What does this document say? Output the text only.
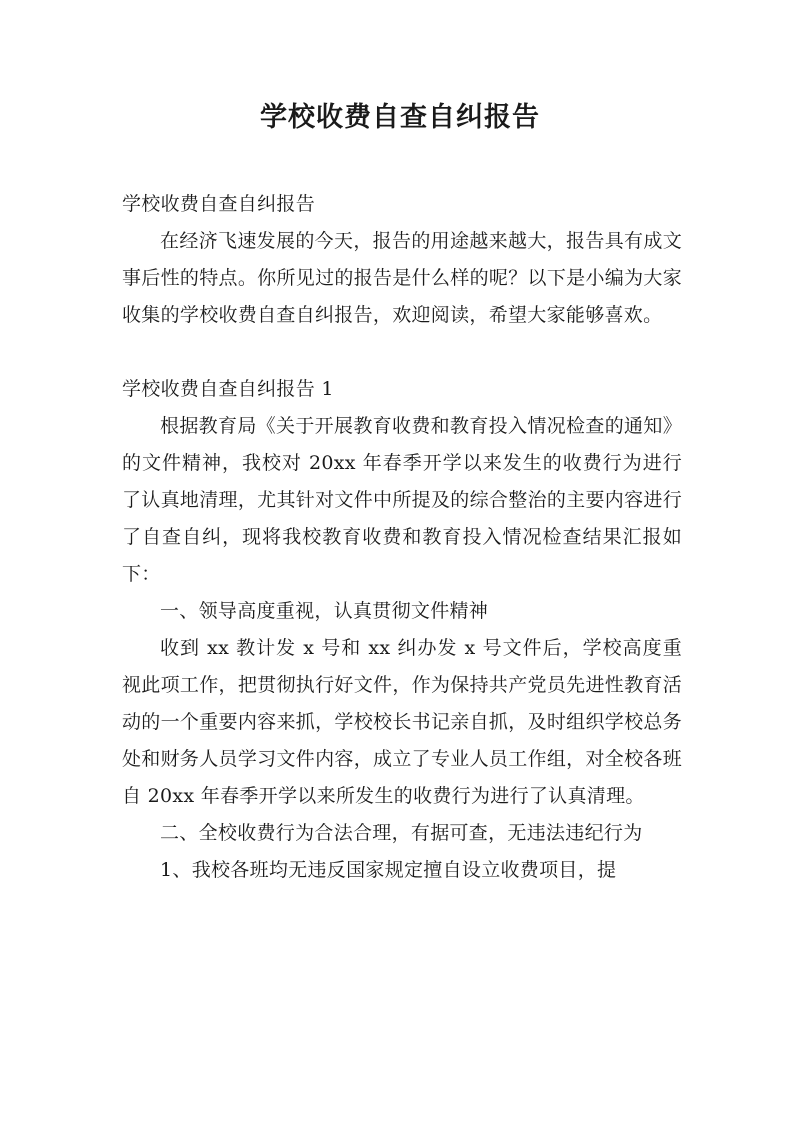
学校收费自查自纠报告

学校收费自查自纠报告

在经济飞速发展的今天，报告的用途越来越大，报告具有成文事后性的特点。你所见过的报告是什么样的呢？以下是小编为大家收集的学校收费自查自纠报告，欢迎阅读，希望大家能够喜欢。

学校收费自查自纠报告 1

根据教育局《关于开展教育收费和教育投入情况检查的通知》的文件精神，我校对 20xx 年春季开学以来发生的收费行为进行了认真地清理，尤其针对文件中所提及的综合整治的主要内容进行了自查自纠，现将我校教育收费和教育投入情况检查结果汇报如下：

一、领导高度重视，认真贯彻文件精神

收到 xx 教计发 x 号和 xx 纠办发 x 号文件后，学校高度重视此项工作，把贯彻执行好文件，作为保持共产党员先进性教育活动的一个重要内容来抓，学校校长书记亲自抓，及时组织学校总务处和财务人员学习文件内容，成立了专业人员工作组，对全校各班自 20xx 年春季开学以来所发生的收费行为进行了认真清理。

二、全校收费行为合法合理，有据可查，无违法违纪行为

1、我校各班均无违反国家规定擅自设立收费项目，提
